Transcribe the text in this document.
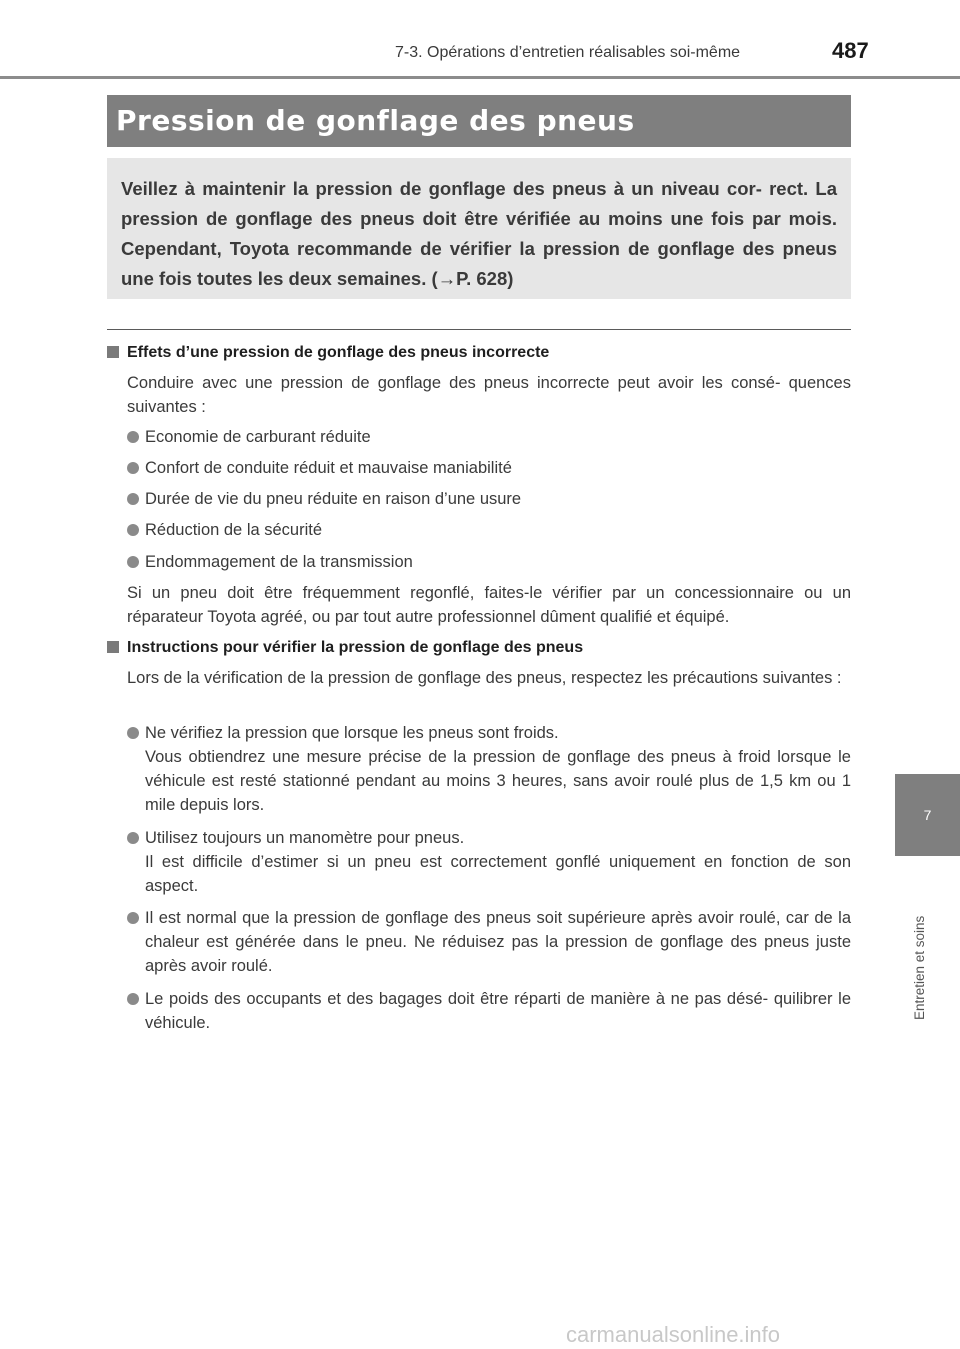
7-3. Opérations d’entretien réalisables soi-même	487
Pression de gonflage des pneus
Veillez à maintenir la pression de gonflage des pneus à un niveau cor- rect. La pression de gonflage des pneus doit être vérifiée au moins une fois par mois. Cependant, Toyota recommande de vérifier la pression de gonflage des pneus une fois toutes les deux semaines. (→P. 628)
Effets d’une pression de gonflage des pneus incorrecte
Conduire avec une pression de gonflage des pneus incorrecte peut avoir les consé- quences suivantes :
Economie de carburant réduite
Confort de conduite réduit et mauvaise maniabilité
Durée de vie du pneu réduite en raison d’une usure
Réduction de la sécurité
Endommagement de la transmission
Si un pneu doit être fréquemment regonflé, faites-le vérifier par un concessionnaire ou un réparateur Toyota agréé, ou par tout autre professionnel dûment qualifié et équipé.
Instructions pour vérifier la pression de gonflage des pneus
Lors de la vérification de la pression de gonflage des pneus, respectez les précautions suivantes :
Ne vérifiez la pression que lorsque les pneus sont froids.
Vous obtiendrez une mesure précise de la pression de gonflage des pneus à froid lorsque le véhicule est resté stationné pendant au moins 3 heures, sans avoir roulé plus de 1,5 km ou 1 mile depuis lors.
Utilisez toujours un manomètre pour pneus.
Il est difficile d’estimer si un pneu est correctement gonflé uniquement en fonction de son aspect.
Il est normal que la pression de gonflage des pneus soit supérieure après avoir roulé, car de la chaleur est générée dans le pneu. Ne réduisez pas la pression de gonflage des pneus juste après avoir roulé.
Le poids des occupants et des bagages doit être réparti de manière à ne pas désé- quilibrer le véhicule.
7
Entretien et soins
carmanualsonline.info
